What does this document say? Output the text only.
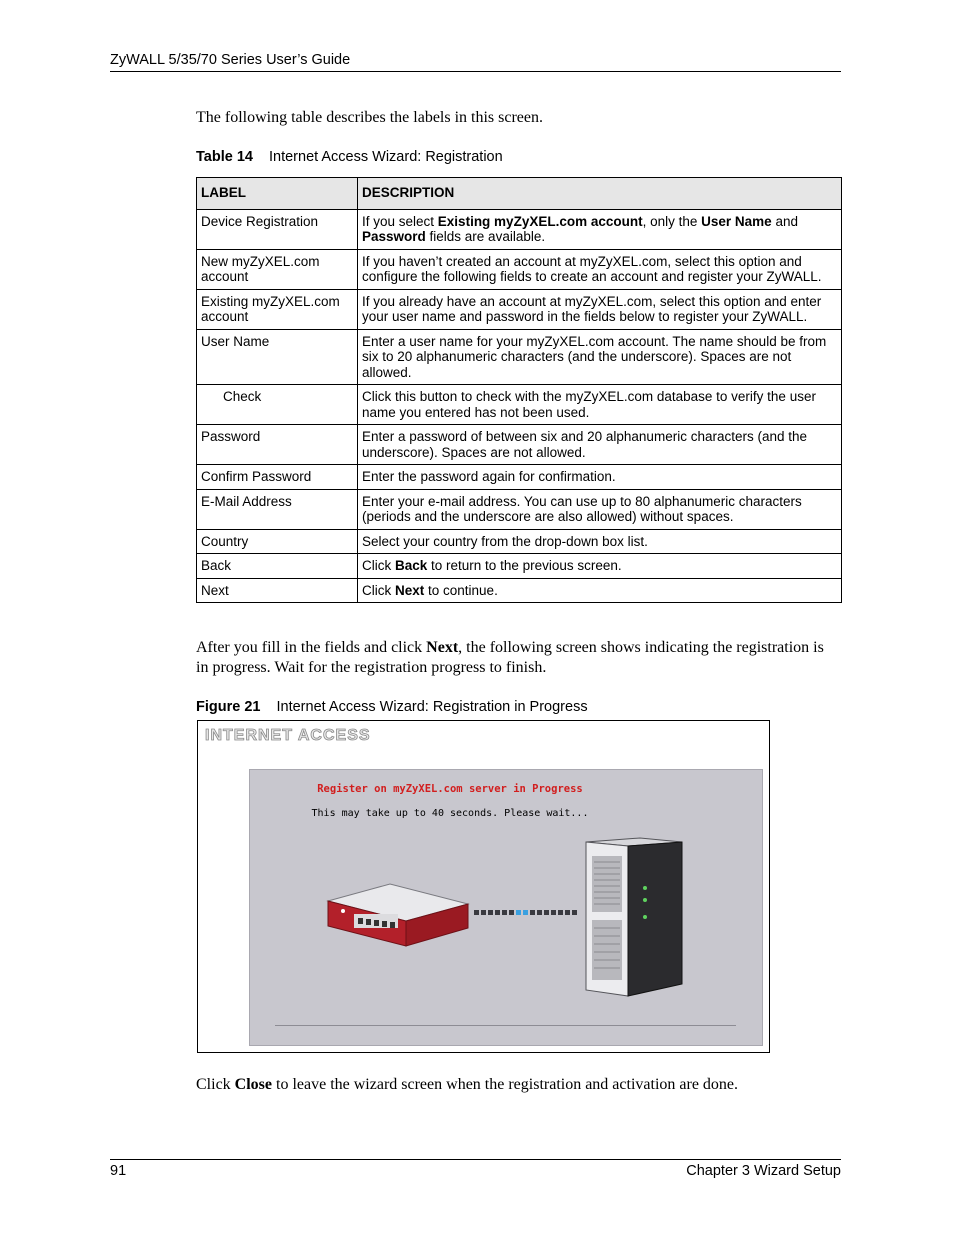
ZyWALL 5/35/70 Series User’s Guide

The following table describes the labels in this screen.

Table 14 Internet Access Wizard: Registration
LABEL	DESCRIPTION
Device Registration	If you select Existing myZyXEL.com account, only the User Name and Password fields are available.
New myZyXEL.com account	If you haven’t created an account at myZyXEL.com, select this option and configure the following fields to create an account and register your ZyWALL.
Existing myZyXEL.com account	If you already have an account at myZyXEL.com, select this option and enter your user name and password in the fields below to register your ZyWALL.
User Name	Enter a user name for your myZyXEL.com account. The name should be from six to 20 alphanumeric characters (and the underscore). Spaces are not allowed.
Check	Click this button to check with the myZyXEL.com database to verify the user name you entered has not been used.
Password	Enter a password of between six and 20 alphanumeric characters (and the underscore). Spaces are not allowed.
Confirm Password	Enter the password again for confirmation.
E-Mail Address	Enter your e-mail address. You can use up to 80 alphanumeric characters (periods and the underscore are also allowed) without spaces.
Country	Select your country from the drop-down box list.
Back	Click Back to return to the previous screen.
Next	Click Next to continue.

After you fill in the fields and click Next, the following screen shows indicating the registration is in progress. Wait for the registration progress to finish.

Figure 21 Internet Access Wizard: Registration in Progress
INTERNET ACCESS
Register on myZyXEL.com server in Progress
This may take up to 40 seconds. Please wait...

Click Close to leave the wizard screen when the registration and activation are done.

91	Chapter 3 Wizard Setup
